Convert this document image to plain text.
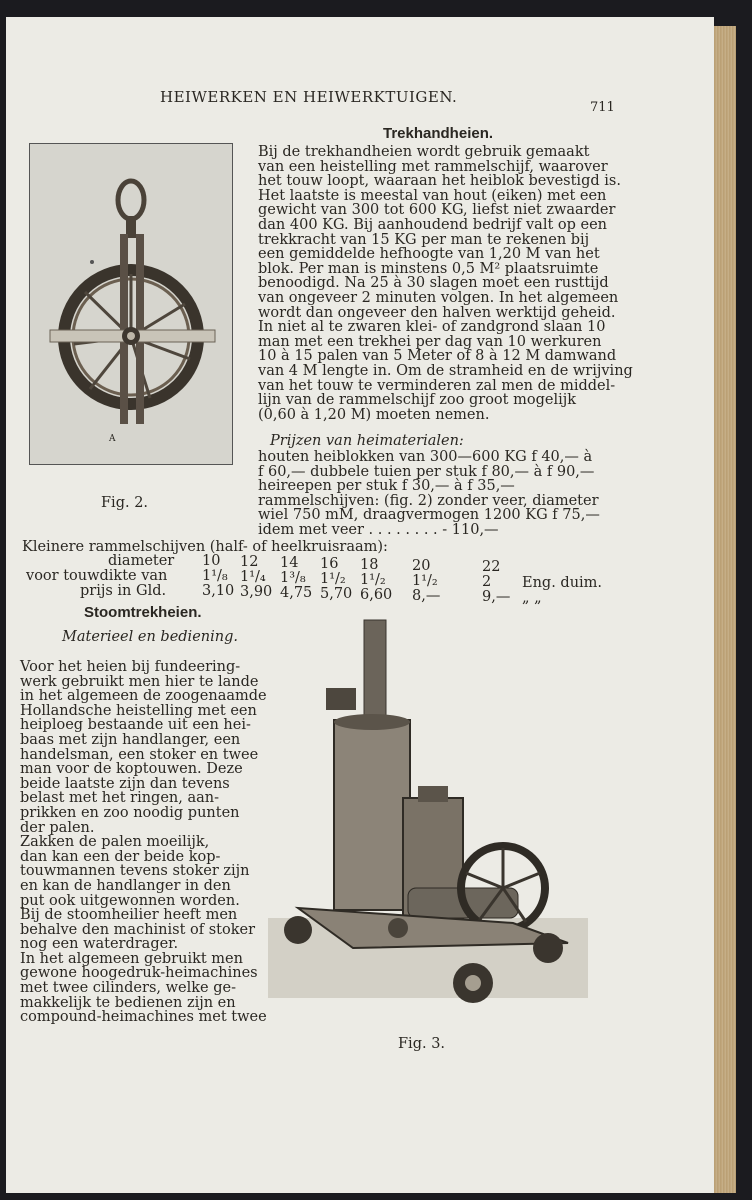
HEIWERKEN EN HEIWERKTUIGEN.
711
A
Fig. 2.
Trekhandheien.
Bij de trekhandheien wordt gebruik gemaakt
van een heistelling met rammelschijf, waarover
het touw loopt, waaraan het heiblok bevestigd is.
Het laatste is meestal van hout (eiken) met een
gewicht van 300 tot 600 KG, liefst niet zwaarder
dan 400 KG. Bij aanhoudend bedrijf valt op een
trekkracht van 15 KG per man te rekenen bij
een gemiddelde hefhoogte van 1,20 M van het
blok. Per man is minstens 0,5 M² plaatsruimte
benoodigd. Na 25 à 30 slagen moet een rusttijd
van ongeveer 2 minuten volgen. In het algemeen
wordt dan ongeveer den halven werktijd geheid.
In niet al te zwaren klei- of zandgrond slaan 10
man met een trekhei per dag van 10 werkuren
10 à 15 palen van 5 Meter of 8 à 12 M damwand
van 4 M lengte in. Om de stramheid en de wrijving
van het touw te verminderen zal men de middel-
lijn van de rammelschijf zoo groot mogelijk
(0,60 à 1,20 M) moeten nemen.
Prijzen van heimaterialen:
houten heiblokken van 300—600 KG f 40,— à
f 60,— dubbele tuien per stuk f 80,— à f 90,—
heireepen per stuk f 30,— à f 35,—
rammelschijven: (fig. 2) zonder veer, diameter
wiel 750 mM, draagvermogen 1200 KG f 75,—
idem met veer . . . . . . . . - 110,—
Kleinere rammelschijven (half- of heelkruisraam):
diameter 10 12 14 16 18 20	22
voor touwdikte van 1¹/₈ 1¹/₄ 1³/₈ 1¹/₂ 1¹/₂ 1¹/₂	2 Eng. duim.
prijs in Gld. 3,10 3,90 4,75 5,70 6,60 8,—	9,— „ „
Stoomtrekheien.
Materieel en bediening.
Voor het heien bij fundeering-
werk gebruikt men hier te lande
in het algemeen de zoogenaamde
Hollandsche heistelling met een
heiploeg bestaande uit een hei-
baas met zijn handlanger, een
handelsman, een stoker en twee
man voor de koptouwen. Deze
beide laatste zijn dan tevens
belast met het ringen, aan-
prikken en zoo noodig punten
der palen.
Zakken de palen moeilijk,
dan kan een der beide kop-
touwmannen tevens stoker zijn
en kan de handlanger in den
put ook uitgewonnen worden.
Bij de stoomheilier heeft men
behalve den machinist of stoker
nog een waterdrager.
In het algemeen gebruikt men
gewone hoogedruk-heimachines
met twee cilinders, welke ge-
makkelijk te bedienen zijn en
compound-heimachines met twee
Fig. 3.
